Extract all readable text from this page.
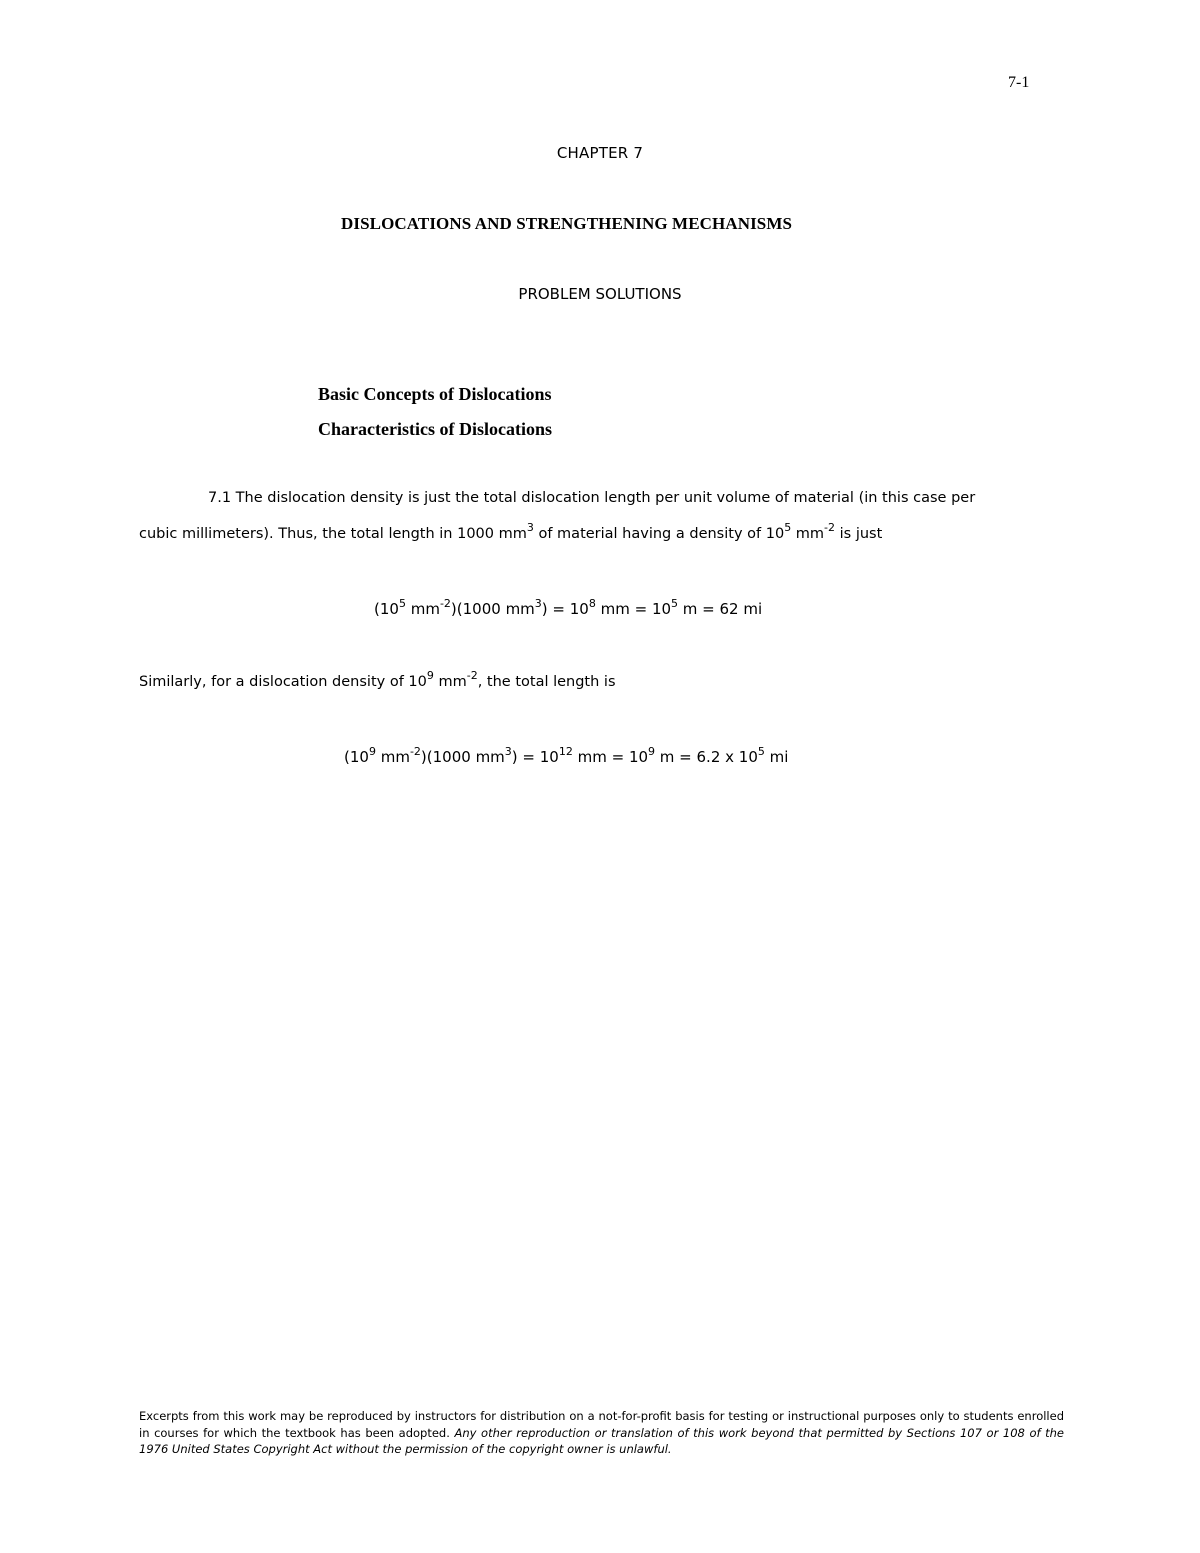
7-1
CHAPTER 7
DISLOCATIONS AND STRENGTHENING MECHANISMS
PROBLEM SOLUTIONS
Basic Concepts of Dislocations
Characteristics of Dislocations
7.1 The dislocation density is just the total dislocation length per unit volume of material (in this case per
cubic millimeters). Thus, the total length in 1000 $mm^3$ of material having a density of $10^5$ $mm^{-2}$ is just
($10^5$ $mm^{-2})(1000$ $mm^3) = 10^8$ mm = $10^5$ m = 62 mi
Similarly, for a dislocation density of $10^9$ $mm^{-2}$, the total length is
($10^9$ $mm^{-2})(1000$ $mm^3) = 10^{12}$ mm = $10^9$ m = 6.2 x $10^5$ mi
Excerpts from this work may be reproduced by instructors for distribution on a not-for-profit basis for testing or instructional purposes only to students enrolled in courses for which the textbook has been adopted. Any other reproduction or translation of this work beyond that permitted by Sections 107 or 108 of the 1976 United States Copyright Act without the permission of the copyright owner is unlawful.
